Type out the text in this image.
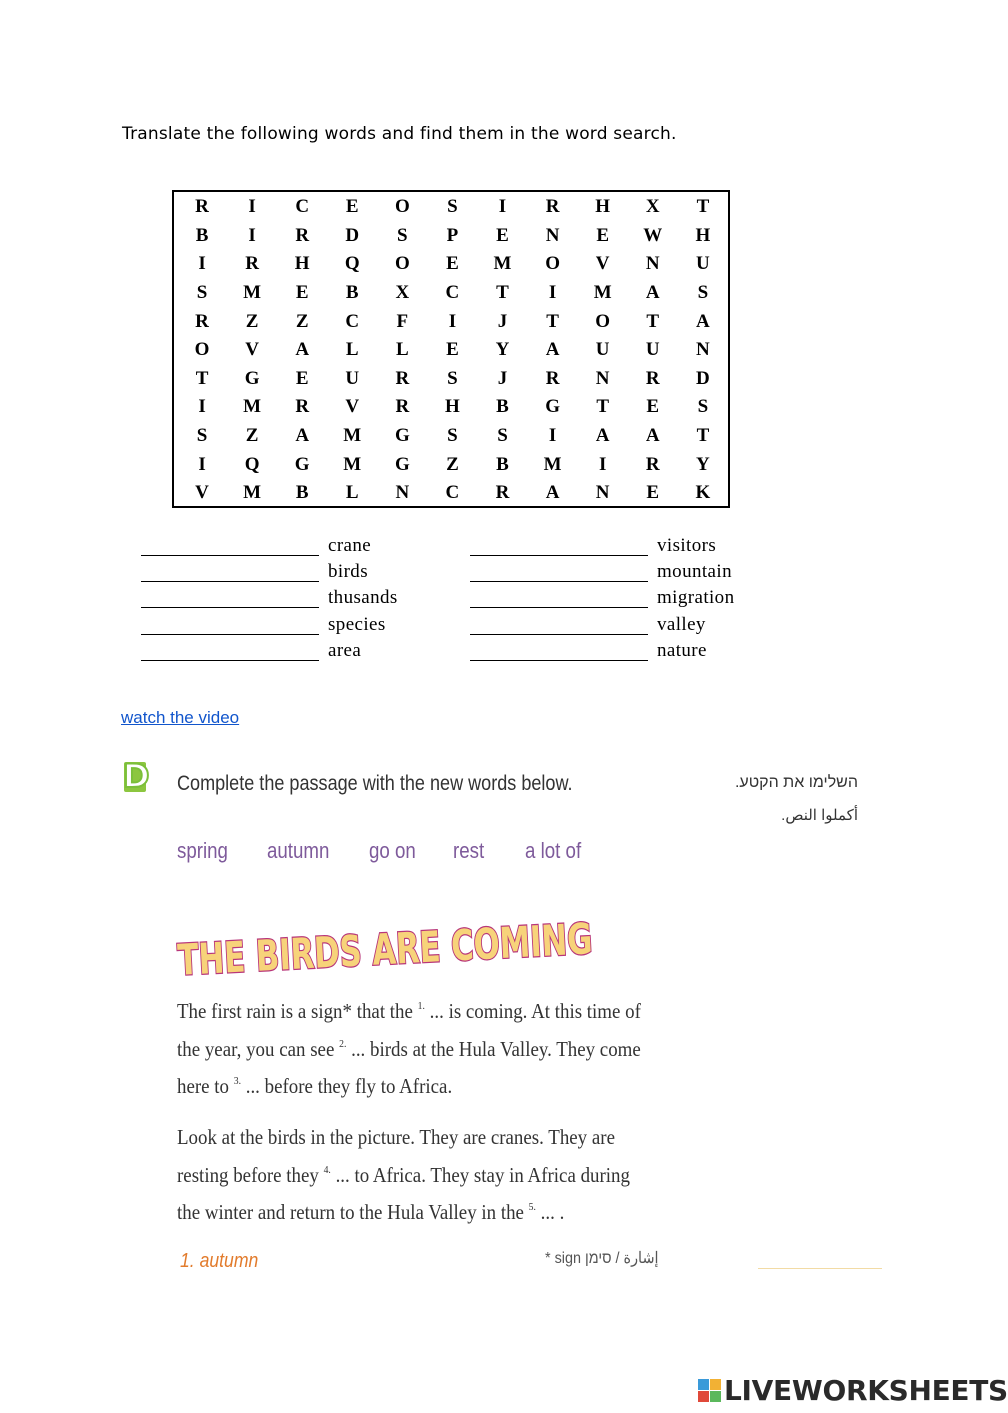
Translate the following words and find them in the word search.
R	I	C	E	O	S	I	R	H	X	T
B	I	R	D	S	P	E	N	E	W	H
I	R	H	Q	O	E	M	O	V	N	U
S	M	E	B	X	C	T	I	M	A	S
R	Z	Z	C	F	I	J	T	O	T	A
O	V	A	L	L	E	Y	A	U	U	N
T	G	E	U	R	S	J	R	N	R	D
I	M	R	V	R	H	B	G	T	E	S
S	Z	A	M	G	S	S	I	A	A	T
I	Q	G	M	G	Z	B	M	I	R	Y
V	M	B	L	N	C	R	A	N	E	K
crane
birds
thusands
species
area
visitors
mountain
migration
valley
nature
watch the video
D Complete the passage with the new words below.	השלימו את הקטע.
أكملوا النص.
spring autumn go on rest a lot of
THE BIRDS ARE COMING
The first rain is a sign* that the $^{1.}$ ... is coming. At this time of
the year, you can see $^{2.}$ ... birds at the Hula Valley. They come
here to $^{3.}$ ... before they fly to Africa.
Look at the birds in the picture. They are cranes. They are
resting before they $^{4.}$ ... to Africa. They stay in Africa during
the winter and return to the Hula Valley in the $^{5.}$ ... .
1. autumn	* sign إشارة / סימן
LIVEWORKSHEETS
